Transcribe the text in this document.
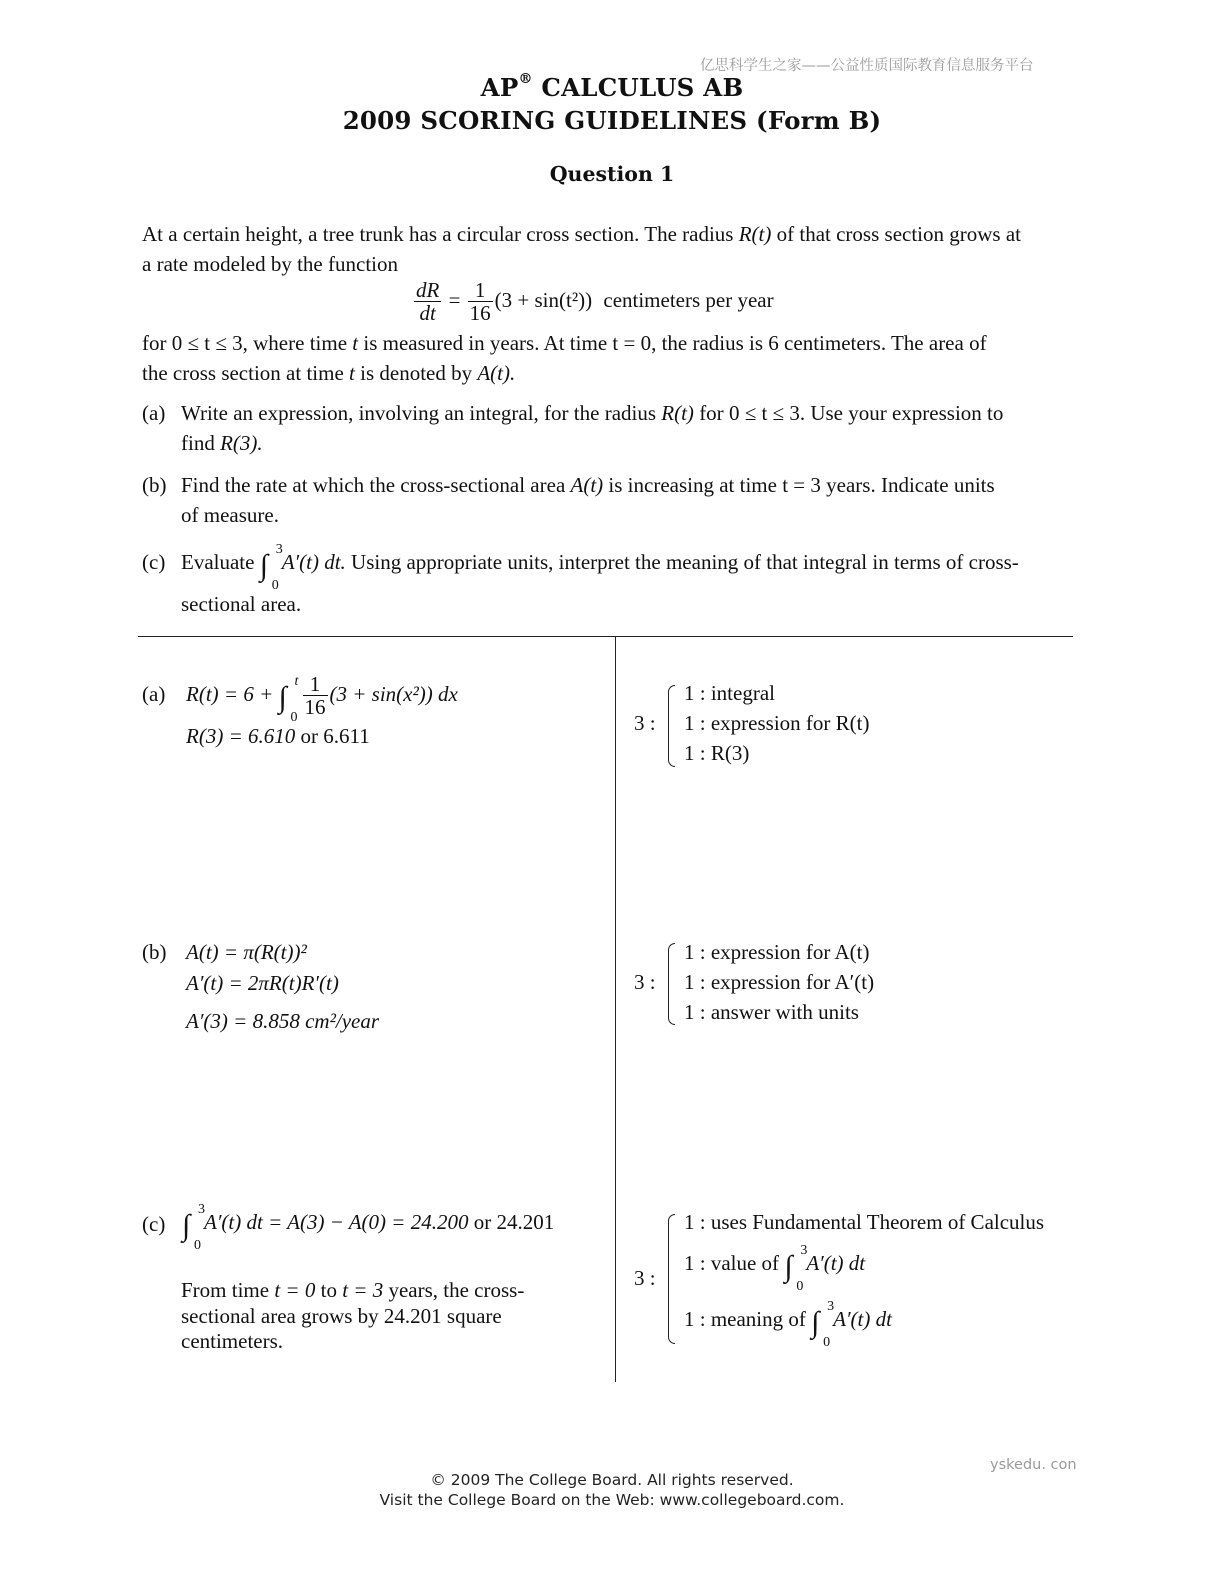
亿思科学生之家——公益性质国际教育信息服务平台
yskedu. con
AP® CALCULUS AB
2009 SCORING GUIDELINES (Form B)
Question 1
At a certain height, a tree trunk has a circular cross section. The radius R(t) of that cross section grows at
a rate modeled by the function
$\frac{dR}{dt} = \frac{1}{16} (3 + \sin(t^2))$ centimeters per year
for 0 ≤ t ≤ 3, where time t is measured in years. At time t = 0, the radius is 6 centimeters. The area of
the cross section at time t is denoted by A(t).
(a) Write an expression, involving an integral, for the radius R(t) for 0 ≤ t ≤ 3. Use your expression to
find R(3).
(b) Find the rate at which the cross-sectional area A(t) is increasing at time t = 3 years. Indicate units
of measure.
(c) Evaluate ∫ 3
0
A′(t) dt. Using appropriate units, interpret the meaning of that integral in terms of cross-
sectional area.
(a) R(t) = 6 + ∫ t
$0 \frac{1}{16} (3 + \sin(x^2))$ dx
R(3) = 6.610 or 6.611
3 :
1 : integral
1 : expression for R(t)
1 : R(3)
(b) A(t) = π(R(t))²
A′(t) = 2πR(t)R′(t)
A′(3) = 8.858 cm²/year
3 :
1 : expression for A(t)
1 : expression for A′(t)
1 : answer with units
(c) ∫ 3
0
A′(t) dt = A(3) − A(0) = 24.200 or 24.201
From time t = 0 to t = 3 years, the cross-
sectional area grows by 24.201 square
centimeters.
3 :
1 : uses Fundamental Theorem of Calculus
1 : value of ∫ 3
0
A′(t) dt
1 : meaning of ∫ 3
0
A′(t) dt
© 2009 The College Board. All rights reserved.
Visit the College Board on the Web: www.collegeboard.com.
